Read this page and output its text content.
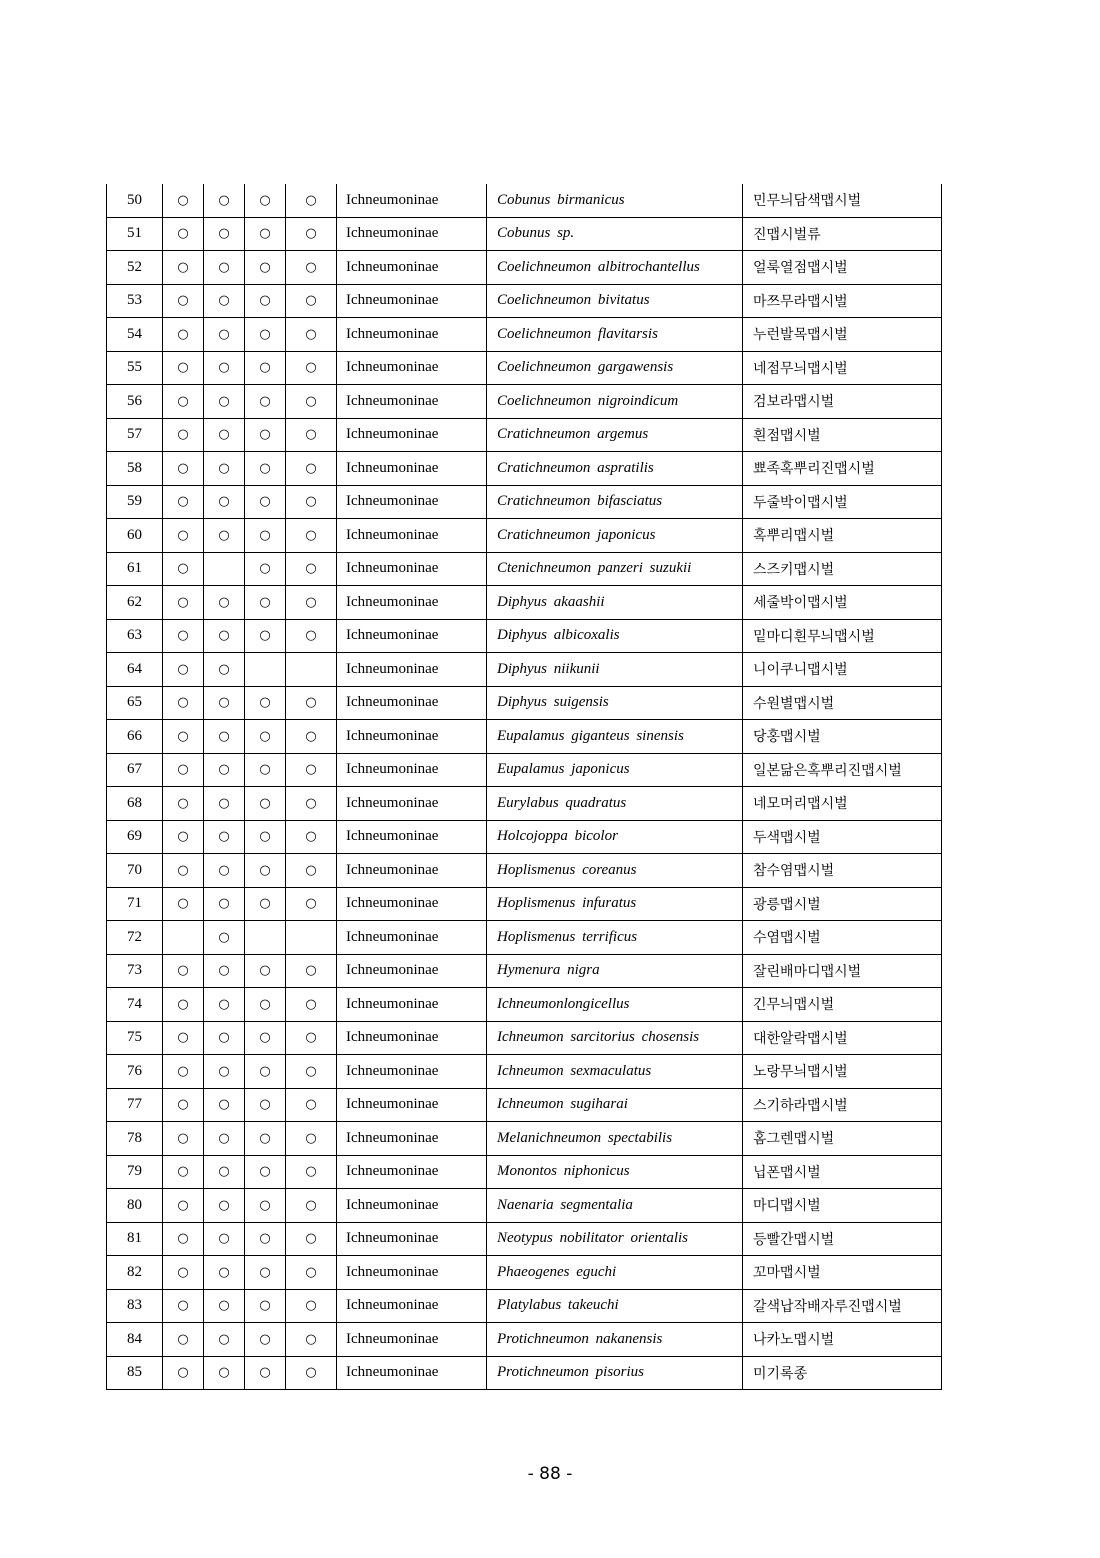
50	○	○	○	○	Ichneumoninae	Cobunus birmanicus	민무늬담색맵시벌
51	○	○	○	○	Ichneumoninae	Cobunus sp.	진맵시벌류
52	○	○	○	○	Ichneumoninae	Coelichneumon albitrochantellus	얼룩열점맵시벌
53	○	○	○	○	Ichneumoninae	Coelichneumon bivitatus	마쯔무라맵시벌
54	○	○	○	○	Ichneumoninae	Coelichneumon flavitarsis	누런발목맵시벌
55	○	○	○	○	Ichneumoninae	Coelichneumon gargawensis	네점무늬맵시벌
56	○	○	○	○	Ichneumoninae	Coelichneumon nigroindicum	검보라맵시벌
57	○	○	○	○	Ichneumoninae	Cratichneumon argemus	흰점맵시벌
58	○	○	○	○	Ichneumoninae	Cratichneumon aspratilis	뾰족혹뿌리진맵시벌
59	○	○	○	○	Ichneumoninae	Cratichneumon bifasciatus	두줄박이맵시벌
60	○	○	○	○	Ichneumoninae	Cratichneumon japonicus	혹뿌리맵시벌
61	○		○	○	Ichneumoninae	Ctenichneumon panzeri suzukii	스즈키맵시벌
62	○	○	○	○	Ichneumoninae	Diphyus akaashii	세줄박이맵시벌
63	○	○	○	○	Ichneumoninae	Diphyus albicoxalis	밑마디흰무늬맵시벌
64	○	○			Ichneumoninae	Diphyus niikunii	니이쿠니맵시벌
65	○	○	○	○	Ichneumoninae	Diphyus suigensis	수원별맵시벌
66	○	○	○	○	Ichneumoninae	Eupalamus giganteus sinensis	당홍맵시벌
67	○	○	○	○	Ichneumoninae	Eupalamus japonicus	일본닮은혹뿌리진맵시벌
68	○	○	○	○	Ichneumoninae	Eurylabus quadratus	네모머리맵시벌
69	○	○	○	○	Ichneumoninae	Holcojoppa bicolor	두색맵시벌
70	○	○	○	○	Ichneumoninae	Hoplismenus coreanus	참수염맵시벌
71	○	○	○	○	Ichneumoninae	Hoplismenus infuratus	광릉맵시벌
72		○			Ichneumoninae	Hoplismenus terrificus	수염맵시벌
73	○	○	○	○	Ichneumoninae	Hymenura nigra	잘린배마디맵시벌
74	○	○	○	○	Ichneumoninae	Ichneumonlongicellus	긴무늬맵시벌
75	○	○	○	○	Ichneumoninae	Ichneumon sarcitorius chosensis	대한알락맵시벌
76	○	○	○	○	Ichneumoninae	Ichneumon sexmaculatus	노랑무늬맵시벌
77	○	○	○	○	Ichneumoninae	Ichneumon sugiharai	스기하라맵시벌
78	○	○	○	○	Ichneumoninae	Melanichneumon spectabilis	홈그렌맵시벌
79	○	○	○	○	Ichneumoninae	Monontos niphonicus	닙폰맵시벌
80	○	○	○	○	Ichneumoninae	Naenaria segmentalia	마디맵시벌
81	○	○	○	○	Ichneumoninae	Neotypus nobilitator orientalis	등빨간맵시벌
82	○	○	○	○	Ichneumoninae	Phaeogenes eguchi	꼬마맵시벌
83	○	○	○	○	Ichneumoninae	Platylabus takeuchi	갈색납작배자루진맵시벌
84	○	○	○	○	Ichneumoninae	Protichneumon nakanensis	나카노맵시벌
85	○	○	○	○	Ichneumoninae	Protichneumon pisorius	미기록종
- 88 -
